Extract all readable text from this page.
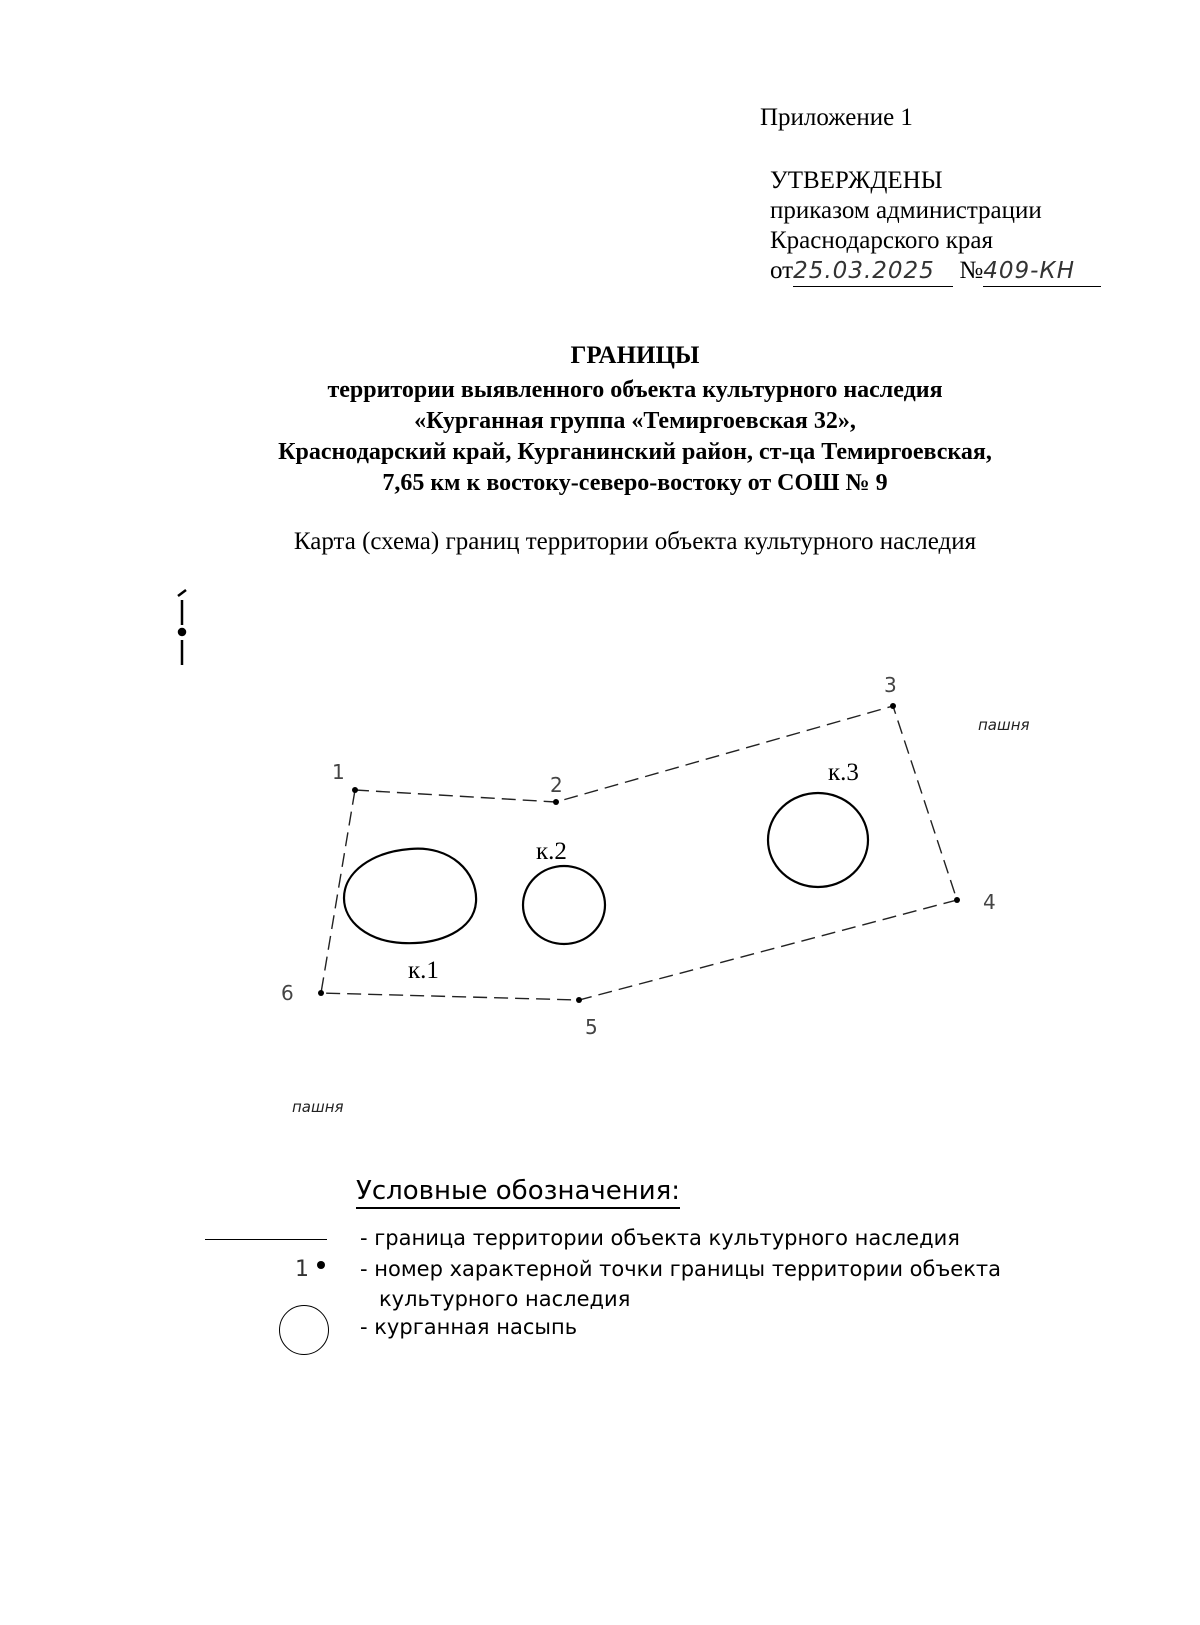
Приложение 1
УТВЕРЖДЕНЫ
приказом администрации
Краснодарского края
от25.03.2025 №409-КН
ГРАНИЦЫ
территории выявленного объекта культурного наследия
«Курганная группа «Темиргоевская 32»,
Краснодарский край, Курганинский район, ст-ца Темиргоевская,
7,65 км к востоку-северо-востоку от СОШ № 9
Карта (схема) границ территории объекта культурного наследия
1
2
3
4
5
6
к.1
к.2
к.3
пашня
пашня
Условные обозначения:
- граница территории объекта культурного наследия
1 - номер характерной точки границы территории объекта
культурного наследия
- курганная насыпь
